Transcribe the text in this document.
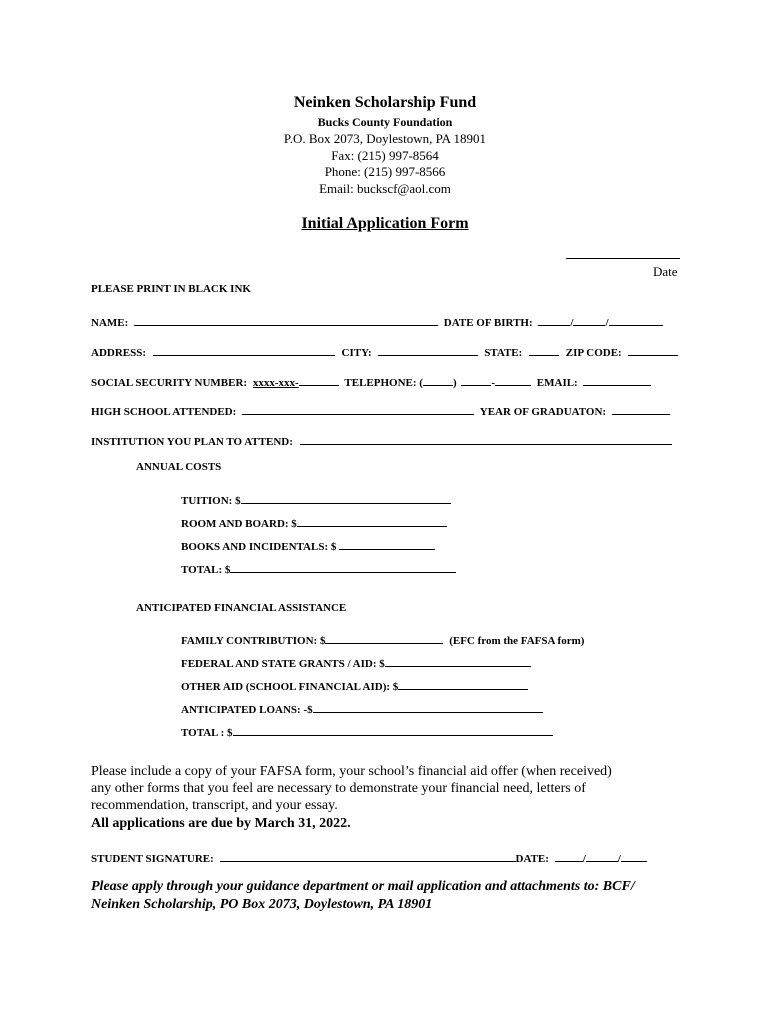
Neinken Scholarship Fund
Bucks County Foundation
P.O. Box 2073, Doylestown, PA 18901
Fax: (215) 997-8564
Phone: (215) 997-8566
Email: buckscf@aol.com
Initial Application Form
Date
PLEASE PRINT IN BLACK INK
NAME:	DATE OF BIRTH:	/	/
ADDRESS:	CITY:	STATE:	ZIP CODE:
SOCIAL SECURITY NUMBER: xxxx-xxx-	TELEPHONE: (	)	-	EMAIL:
HIGH SCHOOL ATTENDED:	YEAR OF GRADUATON:
INSTITUTION YOU PLAN TO ATTEND:
ANNUAL COSTS
TUITION: $
ROOM AND BOARD: $
BOOKS AND INCIDENTALS: $
TOTAL: $
ANTICIPATED FINANCIAL ASSISTANCE
FAMILY CONTRIBUTION: $	(EFC from the FAFSA form)
FEDERAL AND STATE GRANTS / AID: $
OTHER AID (SCHOOL FINANCIAL AID): $
ANTICIPATED LOANS: -$
TOTAL : $
Please include a copy of your FAFSA form, your school’s financial aid offer (when received)
any other forms that you feel are necessary to demonstrate your financial need, letters of
recommendation, transcript, and your essay.
All applications are due by March 31, 2022.
STUDENT SIGNATURE:	DATE:	/	/
Please apply through your guidance department or mail application and attachments to: BCF/
Neinken Scholarship, PO Box 2073, Doylestown, PA 18901
